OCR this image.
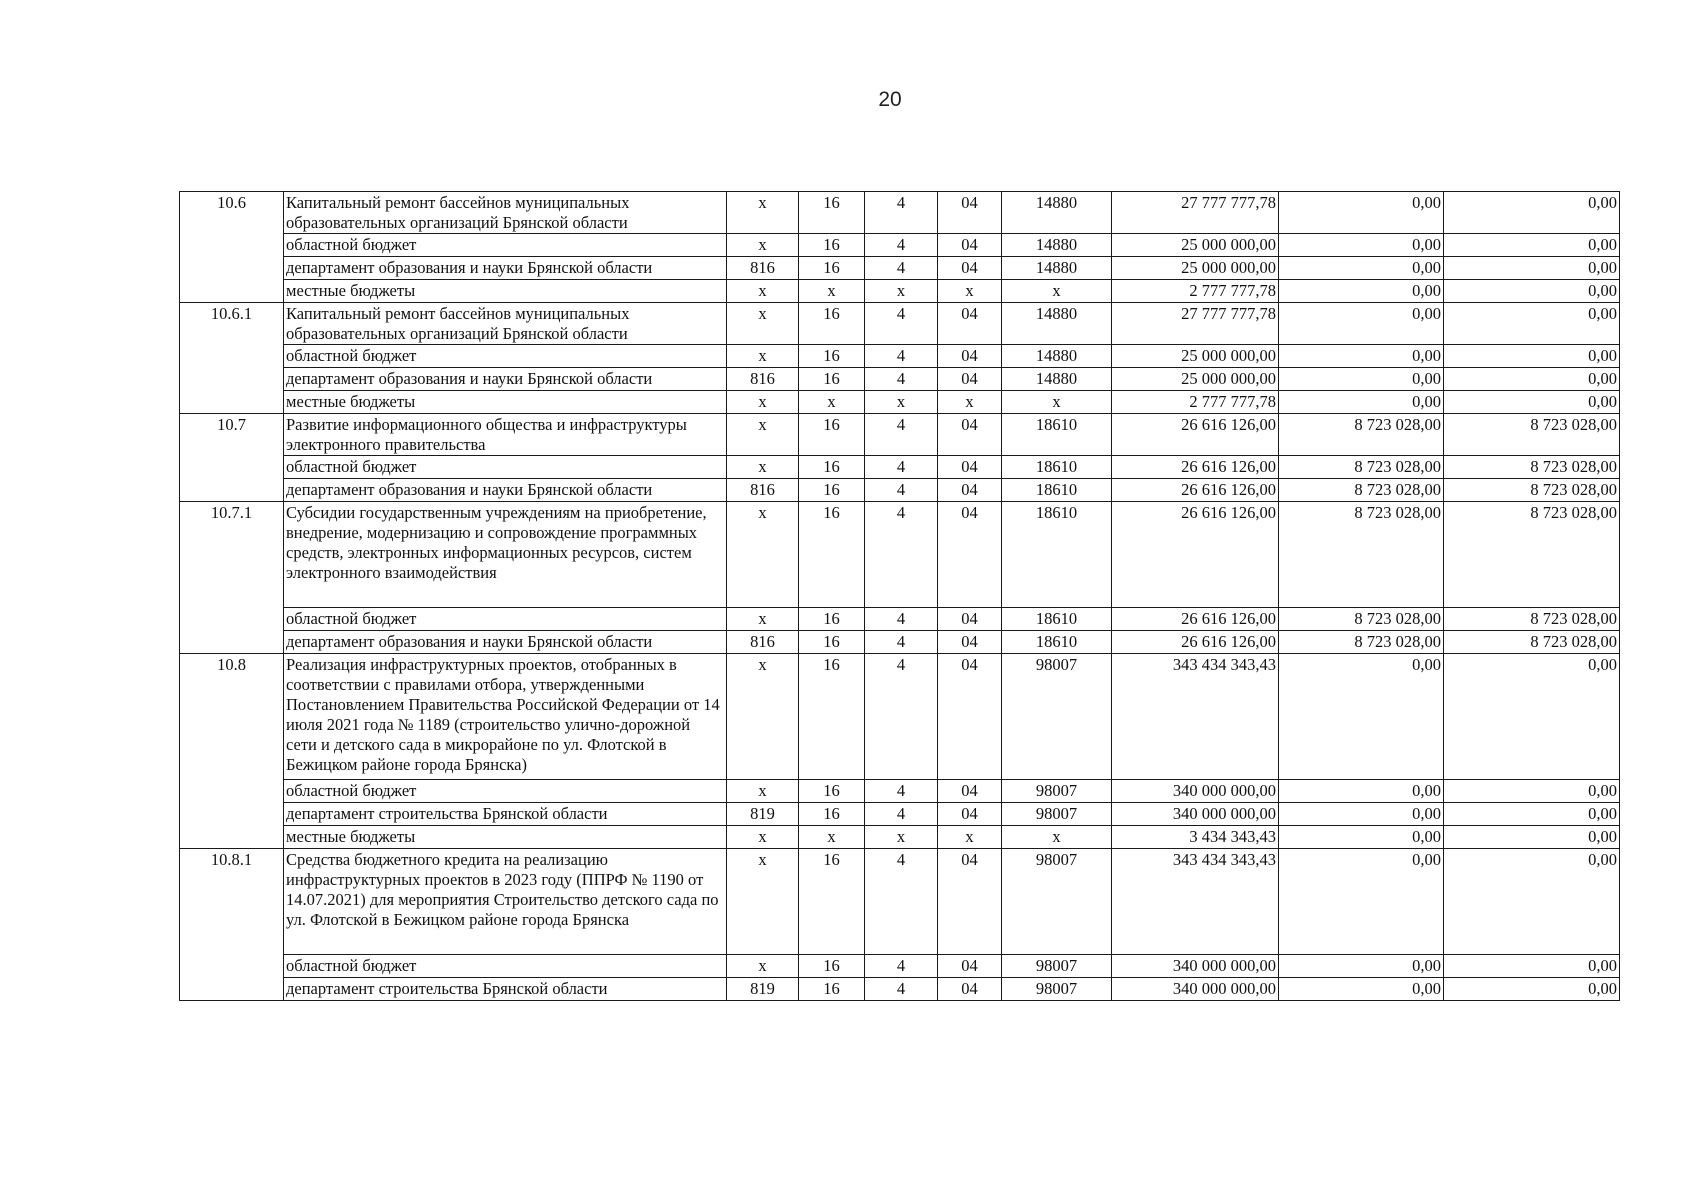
20
10.6	Капитальный ремонт бассейнов муниципальных образовательных организаций Брянской области	х	16	4	04	14880	27 777 777,78	0,00	0,00
	областной бюджет	х	16	4	04	14880	25 000 000,00	0,00	0,00
	департамент образования и науки Брянской области	816	16	4	04	14880	25 000 000,00	0,00	0,00
	местные бюджеты	х	х	х	х	х	2 777 777,78	0,00	0,00
10.6.1	Капитальный ремонт бассейнов муниципальных образовательных организаций Брянской области	х	16	4	04	14880	27 777 777,78	0,00	0,00
	областной бюджет	х	16	4	04	14880	25 000 000,00	0,00	0,00
	департамент образования и науки Брянской области	816	16	4	04	14880	25 000 000,00	0,00	0,00
	местные бюджеты	х	х	х	х	х	2 777 777,78	0,00	0,00
10.7	Развитие информационного общества и инфраструктуры электронного правительства	х	16	4	04	18610	26 616 126,00	8 723 028,00	8 723 028,00
	областной бюджет	х	16	4	04	18610	26 616 126,00	8 723 028,00	8 723 028,00
	департамент образования и науки Брянской области	816	16	4	04	18610	26 616 126,00	8 723 028,00	8 723 028,00
10.7.1	Субсидии государственным учреждениям на приобретение, внедрение, модернизацию и сопровождение программных средств, электронных информационных ресурсов, систем электронного взаимодействия	х	16	4	04	18610	26 616 126,00	8 723 028,00	8 723 028,00
	областной бюджет	х	16	4	04	18610	26 616 126,00	8 723 028,00	8 723 028,00
	департамент образования и науки Брянской области	816	16	4	04	18610	26 616 126,00	8 723 028,00	8 723 028,00
10.8	Реализация инфраструктурных проектов, отобранных в соответствии с правилами отбора, утвержденными Постановлением Правительства Российской Федерации от 14 июля 2021 года № 1189 (строительство улично-дорожной сети и детского сада в микрорайоне по ул. Флотской в Бежицком районе города Брянска)	х	16	4	04	98007	343 434 343,43	0,00	0,00
	областной бюджет	х	16	4	04	98007	340 000 000,00	0,00	0,00
	департамент строительства Брянской области	819	16	4	04	98007	340 000 000,00	0,00	0,00
	местные бюджеты	х	х	х	х	х	3 434 343,43	0,00	0,00
10.8.1	Средства бюджетного кредита на реализацию инфраструктурных проектов в 2023 году (ППРФ № 1190 от 14.07.2021) для мероприятия Строительство детского сада по ул. Флотской в Бежицком районе города Брянска	х	16	4	04	98007	343 434 343,43	0,00	0,00
	областной бюджет	х	16	4	04	98007	340 000 000,00	0,00	0,00
	департамент строительства Брянской области	819	16	4	04	98007	340 000 000,00	0,00	0,00
